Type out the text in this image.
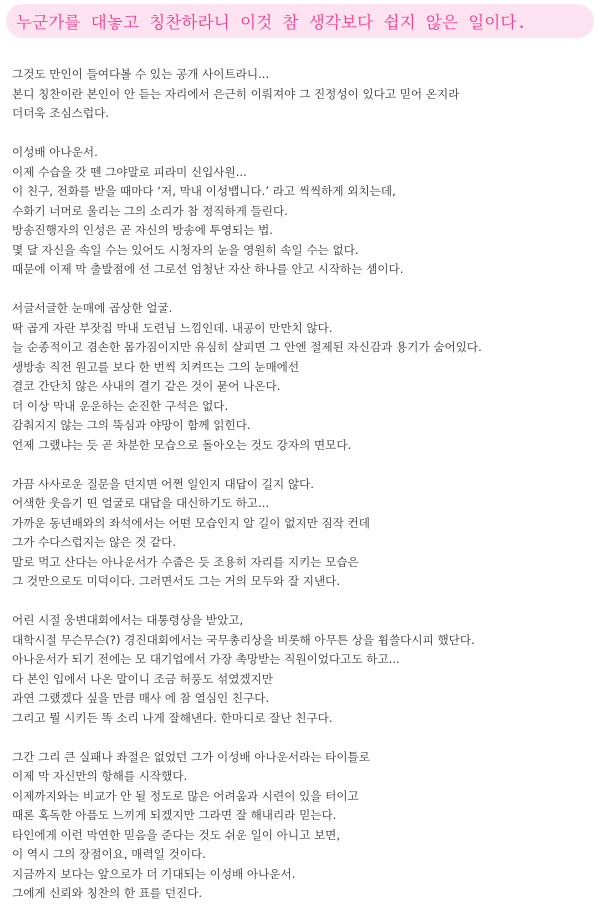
누군가를 대놓고 칭찬하라니 이것 참 생각보다 쉽지 않은 일이다.
그것도 만인이 들여다볼 수 있는 공개 사이트라니...
본디 칭찬이란 본인이 안 듣는 자리에서 은근히 이뤄져야 그 진정성이 있다고 믿어 온지라
더더욱 조심스럽다.
이성배 아나운서.
이제 수습을 갓 뗀 그야말로 피라미 신입사원...
이 친구, 전화를 받을 때마다 ‘저, 막내 이성뱁니다.’ 라고 씩씩하게 외치는데,
수화기 너머로 울리는 그의 소리가 참 정직하게 들린다.
방송진행자의 인성은 곧 자신의 방송에 투영되는 법.
몇 달 자신을 속일 수는 있어도 시청자의 눈을 영원히 속일 수는 없다.
때문에 이제 막 출발점에 선 그로선 엄청난 자산 하나를 안고 시작하는 셈이다.
서글서글한 눈매에 곱상한 얼굴.
딱 곱게 자란 부잣집 막내 도련님 느낌인데. 내공이 만만치 않다.
늘 순종적이고 겸손한 몸가짐이지만 유심히 살피면 그 안엔 절제된 자신감과 용기가 숨어있다.
생방송 직전 원고를 보다 한 번씩 치켜뜨는 그의 눈매에선
결코 간단치 않은 사내의 결기 같은 것이 묻어 나온다.
더 이상 막내 운운하는 순진한 구석은 없다.
감춰지지 않는 그의 뚝심과 야망이 함께 읽힌다.
언제 그랬냐는 듯 곧 차분한 모습으로 돌아오는 것도 강자의 면모다.
가끔 사사로운 질문을 던지면 어쩐 일인지 대답이 길지 않다.
어색한 웃음기 띤 얼굴로 대답을 대신하기도 하고...
가까운 동년배와의 좌석에서는 어떤 모습인지 알 길이 없지만 짐작 컨데
그가 수다스럽지는 않은 것 같다.
말로 먹고 산다는 아나운서가 수줍은 듯 조용히 자리를 지키는 모습은
그 것만으로도 미덕이다. 그러면서도 그는 거의 모두와 잘 지낸다.
어린 시절 웅변대회에서는 대통령상을 받았고,
대학시절 무슨무슨(?) 경진대회에서는 국무총리상을 비롯해 아무튼 상을 휩쓸다시피 했단다.
아나운서가 되기 전에는 모 대기업에서 가장 촉망받는 직원이었다고도 하고...
다 본인 입에서 나온 말이니 조금 허풍도 섞였겠지만
과연 그랬겠다 싶을 만큼 매사 에 참 열심인 친구다.
그리고 뭘 시키든 똑 소리 나게 잘해낸다. 한마디로 잘난 친구다.
그간 그리 큰 실패나 좌절은 없었던 그가 이성배 아나운서라는 타이틀로
이제 막 자신만의 항해를 시작했다.
이제까지와는 비교가 안 될 정도로 많은 어려움과 시련이 있을 터이고
때론 혹독한 아픔도 느끼게 되겠지만 그라면 잘 해내리라 믿는다.
타인에게 이런 막연한 믿음을 준다는 것도 쉬운 일이 아니고 보면,
이 역시 그의 장점이요, 매력일 것이다.
지금까지 보다는 앞으로가 더 기대되는 이성배 아나운서.
그에게 신뢰와 칭찬의 한 표를 던진다.
